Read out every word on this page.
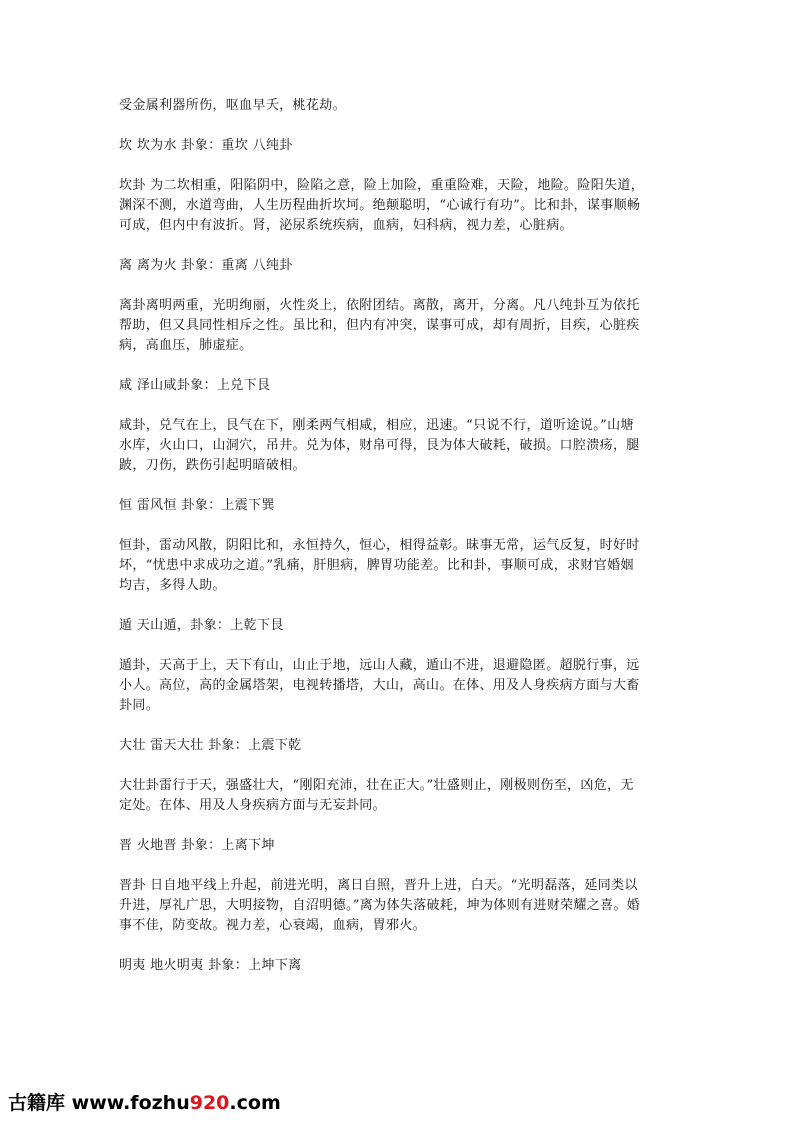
受金属利器所伤，呕血早夭，桃花劫。

坎 坎为水 卦象：重坎 八纯卦

坎卦 为二坎相重，阳陷阴中，险陷之意，险上加险，重重险难，天险，地险。险阳失道，

渊深不测，水道弯曲，人生历程曲折坎坷。绝颠聪明，“心诚行有功”。比和卦，谋事顺畅

可成，但内中有波折。肾，泌尿系统疾病，血病，妇科病，视力差，心脏病。

离 离为火 卦象：重离 八纯卦

离卦离明两重，光明绚丽，火性炎上，依附团结。离散，离开，分离。凡八纯卦互为依托

帮助，但又具同性相斥之性。虽比和，但内有冲突，谋事可成，却有周折，目疾，心脏疾

病，高血压，肺虚症。

咸 泽山咸卦象：上兑下艮

咸卦，兑气在上，艮气在下，刚柔两气相咸，相应，迅速。“只说不行，道听途说。”山塘

水库，火山口，山洞穴，吊井。兑为体，财帛可得，艮为体大破耗，破损。口腔溃疡，腿

跛，刀伤，跌伤引起明暗破相。

恒 雷风恒 卦象：上震下巽

恒卦，雷动风散，阴阳比和，永恒持久，恒心，相得益彰。昧事无常，运气反复，时好时

坏，“忧患中求成功之道。”乳痛，肝胆病，脾胃功能差。比和卦，事顺可成，求财官婚姻

均吉，多得人助。

遁 天山遁，卦象：上乾下艮

遁卦，天高于上，天下有山，山止于地，远山人藏，遁山不进，退避隐匿。超脱行事，远

小人。高位，高的金属塔架，电视转播塔，大山，高山。在体、用及人身疾病方面与大畜

卦同。

大壮 雷天大壮 卦象：上震下乾

大壮卦雷行于天，强盛壮大，“刚阳充沛，壮在正大。”壮盛则止，刚极则伤至，凶危，无

定处。在体、用及人身疾病方面与无妄卦同。

晋 火地晋 卦象：上离下坤

晋卦 日自地平线上升起，前进光明，离日自照，晋升上进，白天。“光明磊落，延同类以

升进，厚礼广思，大明接物，自沼明德。”离为体失落破耗，坤为体则有进财荣耀之喜。婚

事不佳，防变故。视力差，心衰竭，血病，胃邪火。

明夷 地火明夷 卦象：上坤下离

古籍库 www.fozhu920.com
